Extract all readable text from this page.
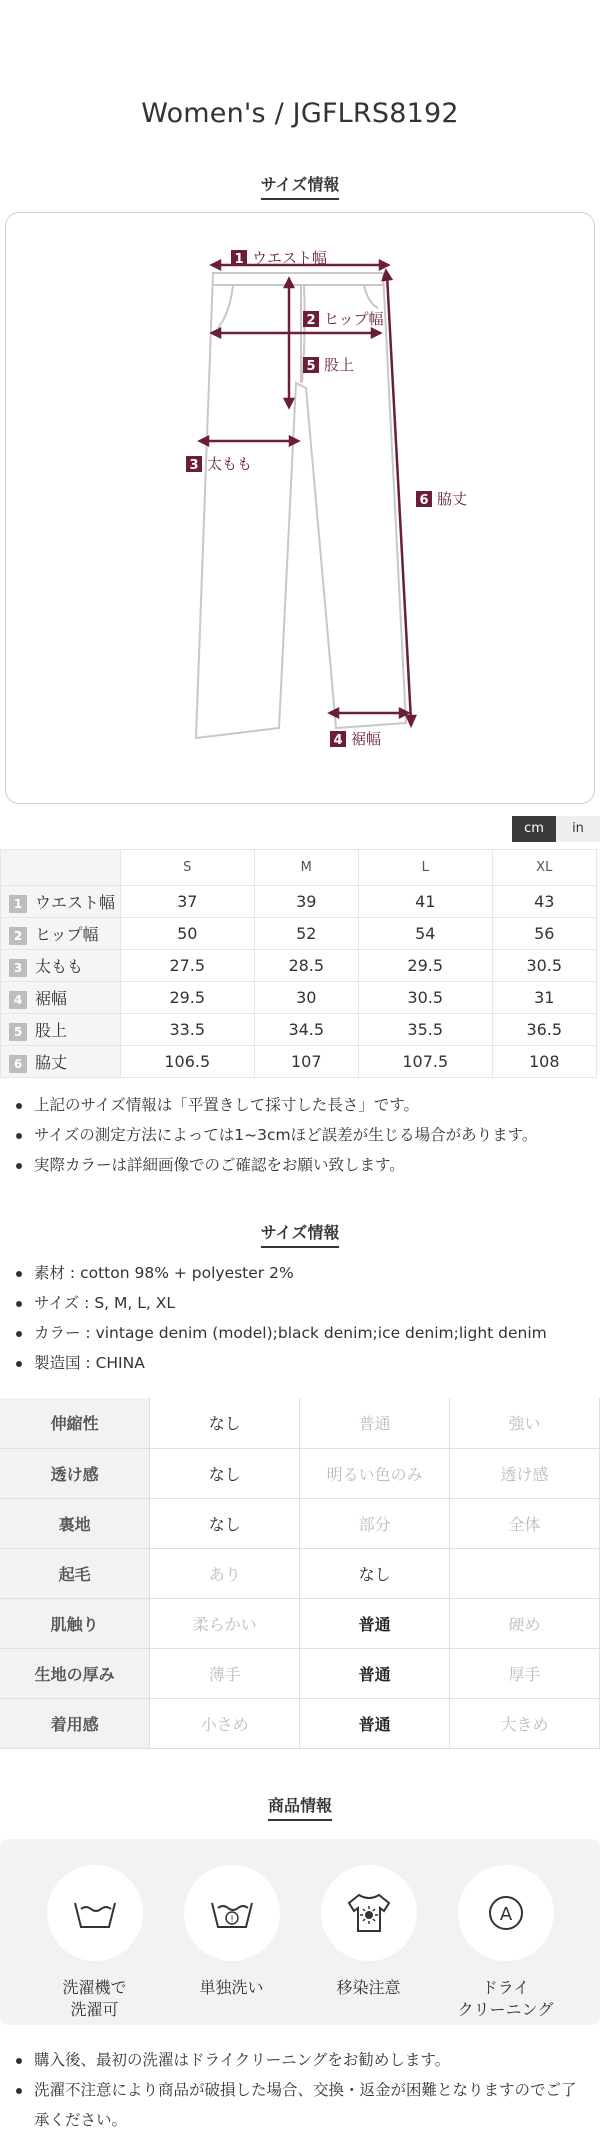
Women's / JGFLRS8192
サイズ情報
1
2
5
3
6
4
ウエスト幅
ヒップ幅
股上
太もも
脇丈
裾幅
cm	in
	S	M	L	XL
1 ウエスト幅	37	39	41	43
2 ヒップ幅	50	52	54	56
3 太もも	27.5	28.5	29.5	30.5
4 裾幅	29.5	30	30.5	31
5 股上	33.5	34.5	35.5	36.5
6 脇丈	106.5	107	107.5	108
上記のサイズ情報は「平置きして採寸した長さ」です。
サイズの測定方法によっては1~3cmほど誤差が生じる場合があります。
実際カラーは詳細画像でのご確認をお願い致します。
サイズ情報
素材 : cotton 98% + polyester 2%
サイズ : S, M, L, XL
カラー : vintage denim (model);black denim;ice denim;light denim
製造国 : CHINA
伸縮性	なし	普通	強い
透け感	なし	明るい色のみ	透け感
裏地	なし	部分	全体
起毛	あり	なし	
肌触り	柔らかい	普通	硬め
生地の厚み	薄手	普通	厚手
着用感	小さめ	普通	大きめ
商品情報
洗濯機で
洗濯可
!
単独洗い	移染注意
A
ドライ
クリーニング
購入後、最初の洗濯はドライクリーニングをお勧めします。
洗濯不注意により商品が破損した場合、交換・返金が困難となりますのでご了承ください。
